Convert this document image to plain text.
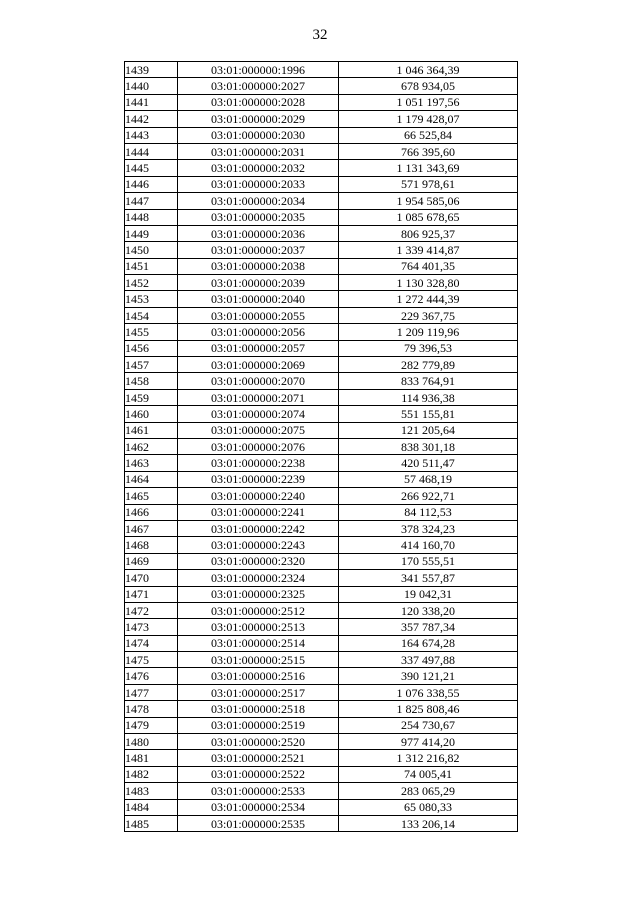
32
1439	03:01:000000:1996	1 046 364,39
1440	03:01:000000:2027	678 934,05
1441	03:01:000000:2028	1 051 197,56
1442	03:01:000000:2029	1 179 428,07
1443	03:01:000000:2030	66 525,84
1444	03:01:000000:2031	766 395,60
1445	03:01:000000:2032	1 131 343,69
1446	03:01:000000:2033	571 978,61
1447	03:01:000000:2034	1 954 585,06
1448	03:01:000000:2035	1 085 678,65
1449	03:01:000000:2036	806 925,37
1450	03:01:000000:2037	1 339 414,87
1451	03:01:000000:2038	764 401,35
1452	03:01:000000:2039	1 130 328,80
1453	03:01:000000:2040	1 272 444,39
1454	03:01:000000:2055	229 367,75
1455	03:01:000000:2056	1 209 119,96
1456	03:01:000000:2057	79 396,53
1457	03:01:000000:2069	282 779,89
1458	03:01:000000:2070	833 764,91
1459	03:01:000000:2071	114 936,38
1460	03:01:000000:2074	551 155,81
1461	03:01:000000:2075	121 205,64
1462	03:01:000000:2076	838 301,18
1463	03:01:000000:2238	420 511,47
1464	03:01:000000:2239	57 468,19
1465	03:01:000000:2240	266 922,71
1466	03:01:000000:2241	84 112,53
1467	03:01:000000:2242	378 324,23
1468	03:01:000000:2243	414 160,70
1469	03:01:000000:2320	170 555,51
1470	03:01:000000:2324	341 557,87
1471	03:01:000000:2325	19 042,31
1472	03:01:000000:2512	120 338,20
1473	03:01:000000:2513	357 787,34
1474	03:01:000000:2514	164 674,28
1475	03:01:000000:2515	337 497,88
1476	03:01:000000:2516	390 121,21
1477	03:01:000000:2517	1 076 338,55
1478	03:01:000000:2518	1 825 808,46
1479	03:01:000000:2519	254 730,67
1480	03:01:000000:2520	977 414,20
1481	03:01:000000:2521	1 312 216,82
1482	03:01:000000:2522	74 005,41
1483	03:01:000000:2533	283 065,29
1484	03:01:000000:2534	65 080,33
1485	03:01:000000:2535	133 206,14
